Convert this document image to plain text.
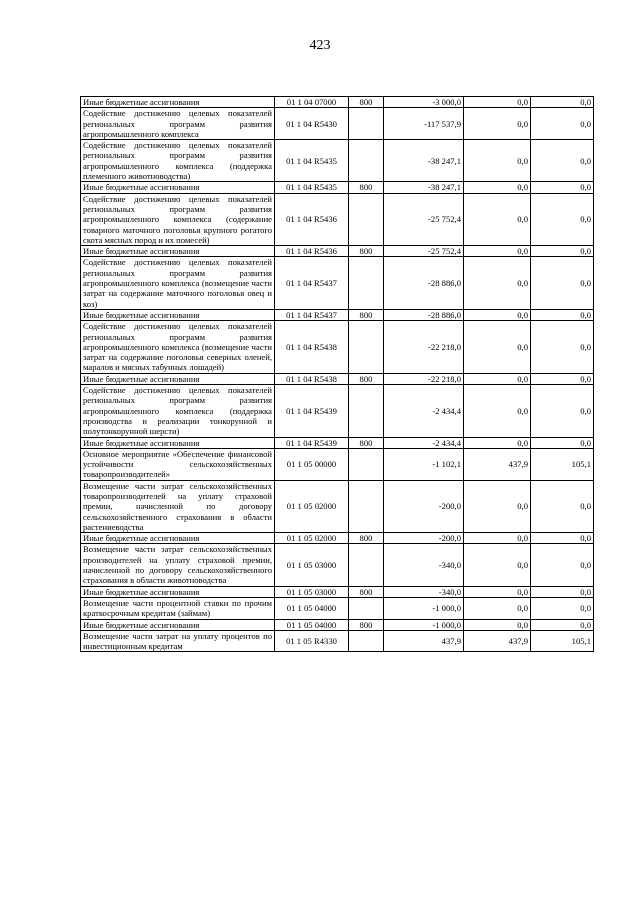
423
Иные бюджетные ассигнования	01 1 04 07000	800	-3 000,0	0,0	0,0
Содействие достижению целевых показателей региональных программ развития агропромышленного комплекса	01 1 04 R5430		-117 537,9	0,0	0,0
Содействие достижению целевых показателей региональных программ развития агропромышленного комплекса (поддержка племенного животноводства)	01 1 04 R5435		-38 247,1	0,0	0,0
Иные бюджетные ассигнования	01 1 04 R5435	800	-38 247,1	0,0	0,0
Содействие достижению целевых показателей региональных программ развития агропромышленного комплекса (содержание товарного маточного поголовья крупного рогатого скота мясных пород и их помесей)	01 1 04 R5436		-25 752,4	0,0	0,0
Иные бюджетные ассигнования	01 1 04 R5436	800	-25 752,4	0,0	0,0
Содействие достижению целевых показателей региональных программ развития агропромышленного комплекса (возмещение части затрат на содержание маточного поголовья овец и коз)	01 1 04 R5437		-28 886,0	0,0	0,0
Иные бюджетные ассигнования	01 1 04 R5437	800	-28 886,0	0,0	0,0
Содействие достижению целевых показателей региональных программ развития агропромышленного комплекса (возмещение части затрат на содержание поголовья северных оленей, маралов и мясных табунных лошадей)	01 1 04 R5438		-22 218,0	0,0	0,0
Иные бюджетные ассигнования	01 1 04 R5438	800	-22 218,0	0,0	0,0
Содействие достижению целевых показателей региональных программ развития агропромышленного комплекса (поддержка производства и реализации тонкорунной и полутонкорунной шерсти)	01 1 04 R5439		-2 434,4	0,0	0,0
Иные бюджетные ассигнования	01 1 04 R5439	800	-2 434,4	0,0	0,0
Основное мероприятие «Обеспечение финансовой устойчивости сельскохозяйственных товаропроизводителей»	01 1 05 00000		-1 102,1	437,9	105,1
Возмещение части затрат сельскохозяйственных товаропроизводителей на уплату страховой премии, начисленной по договору сельскохозяйственного страхования в области растениеводства	01 1 05 02000		-200,0	0,0	0,0
Иные бюджетные ассигнования	01 1 05 02000	800	-200,0	0,0	0,0
Возмещение части затрат сельскохозяйственных производителей на уплату страховой премии, начисленной по договору сельскохозяйственного страхования в области животноводства	01 1 05 03000		-340,0	0,0	0,0
Иные бюджетные ассигнования	01 1 05 03000	800	-340,0	0,0	0,0
Возмещение части процентной ставки по прочим краткосрочным кредитам (займам)	01 1 05 04000		-1 000,0	0,0	0,0
Иные бюджетные ассигнования	01 1 05 04000	800	-1 000,0	0,0	0,0
Возмещение части затрат на уплату процентов по инвестиционным кредитам	01 1 05 R4330		437,9	437,9	105,1
